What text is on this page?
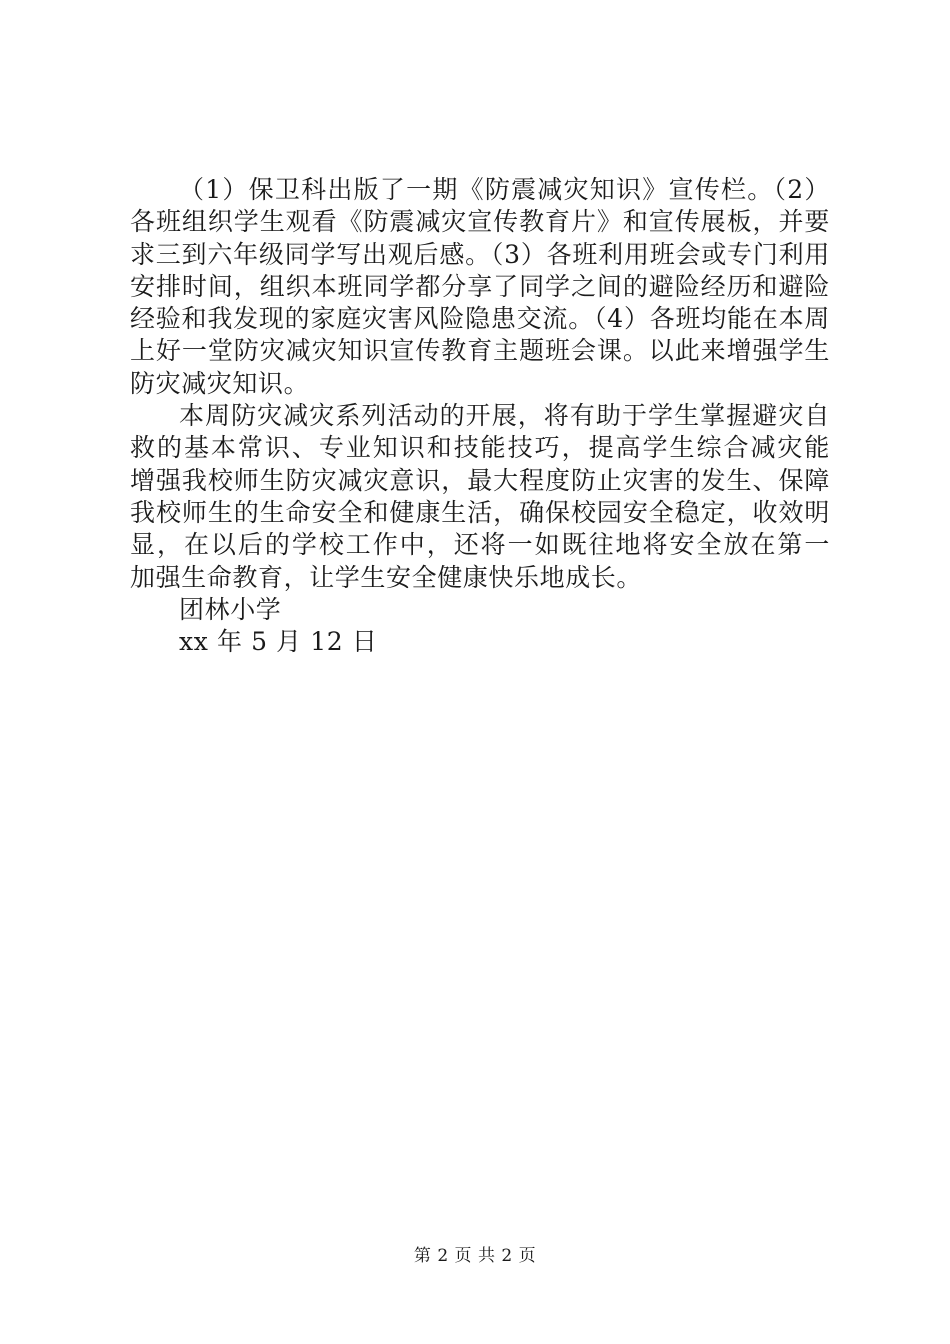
（1）保卫科出版了一期《防震减灾知识》宣传栏。（2）
各班组织学生观看《防震减灾宣传教育片》和宣传展板，并要
求三到六年级同学写出观后感。（3）各班利用班会或专门利用
安排时间，组织本班同学都分享了同学之间的避险经历和避险
经验和我发现的家庭灾害风险隐患交流。（4）各班均能在本周
上好一堂防灾减灾知识宣传教育主题班会课。以此来增强学生
防灾减灾知识。
本周防灾减灾系列活动的开展，将有助于学生掌握避灾自
救的基本常识、专业知识和技能技巧，提高学生综合减灾能
增强我校师生防灾减灾意识，最大程度防止灾害的发生、保障
我校师生的生命安全和健康生活，确保校园安全稳定，收效明
显，在以后的学校工作中，还将一如既往地将安全放在第一
加强生命教育，让学生安全健康快乐地成长。
团林小学
xx 年 5 月 12 日
第 2 页 共 2 页
